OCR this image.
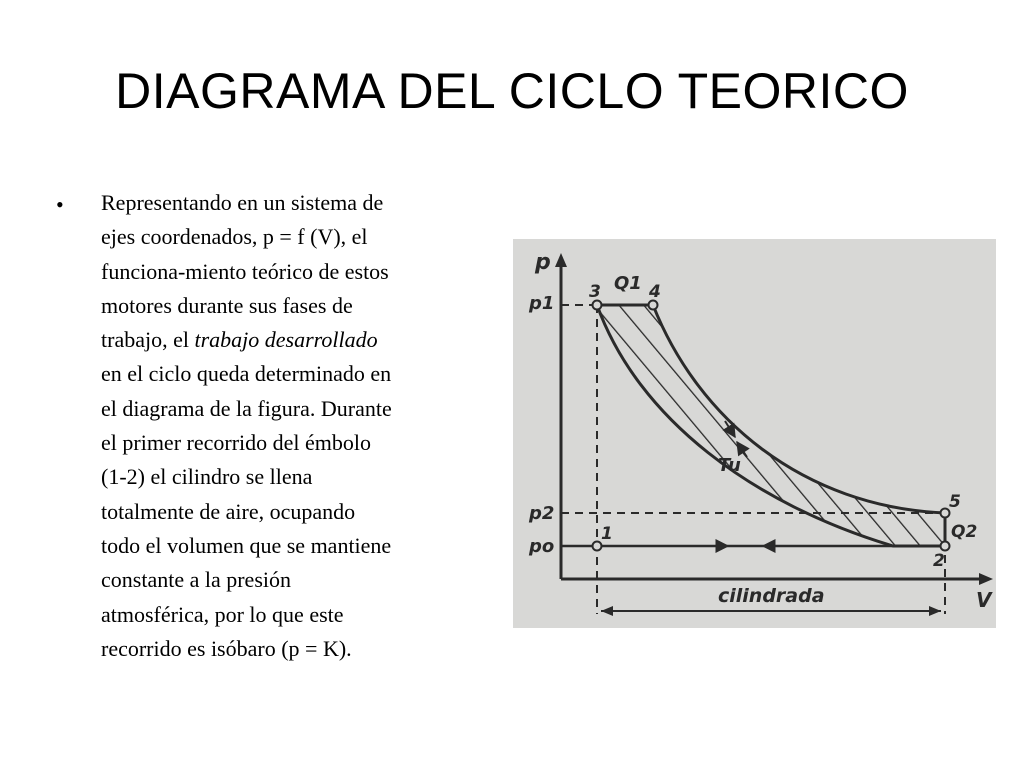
DIAGRAMA DEL CICLO TEORICO
• Representando en un sistema de
ejes coordenados, p = f (V), el
funciona-miento teórico de estos
motores durante sus fases de
trabajo, el trabajo desarrollado
en el ciclo queda determinado en
el diagrama de la figura. Durante
el primer recorrido del émbolo
(1-2) el cilindro se llena
totalmente de aire, ocupando
todo el volumen que se mantiene
constante a la presión
atmosférica, por lo que este
recorrido es isóbaro (p = K).
p
V
p1
p2
po
3	4
Q1
5
Q2
1
2
Tu
cilindrada
